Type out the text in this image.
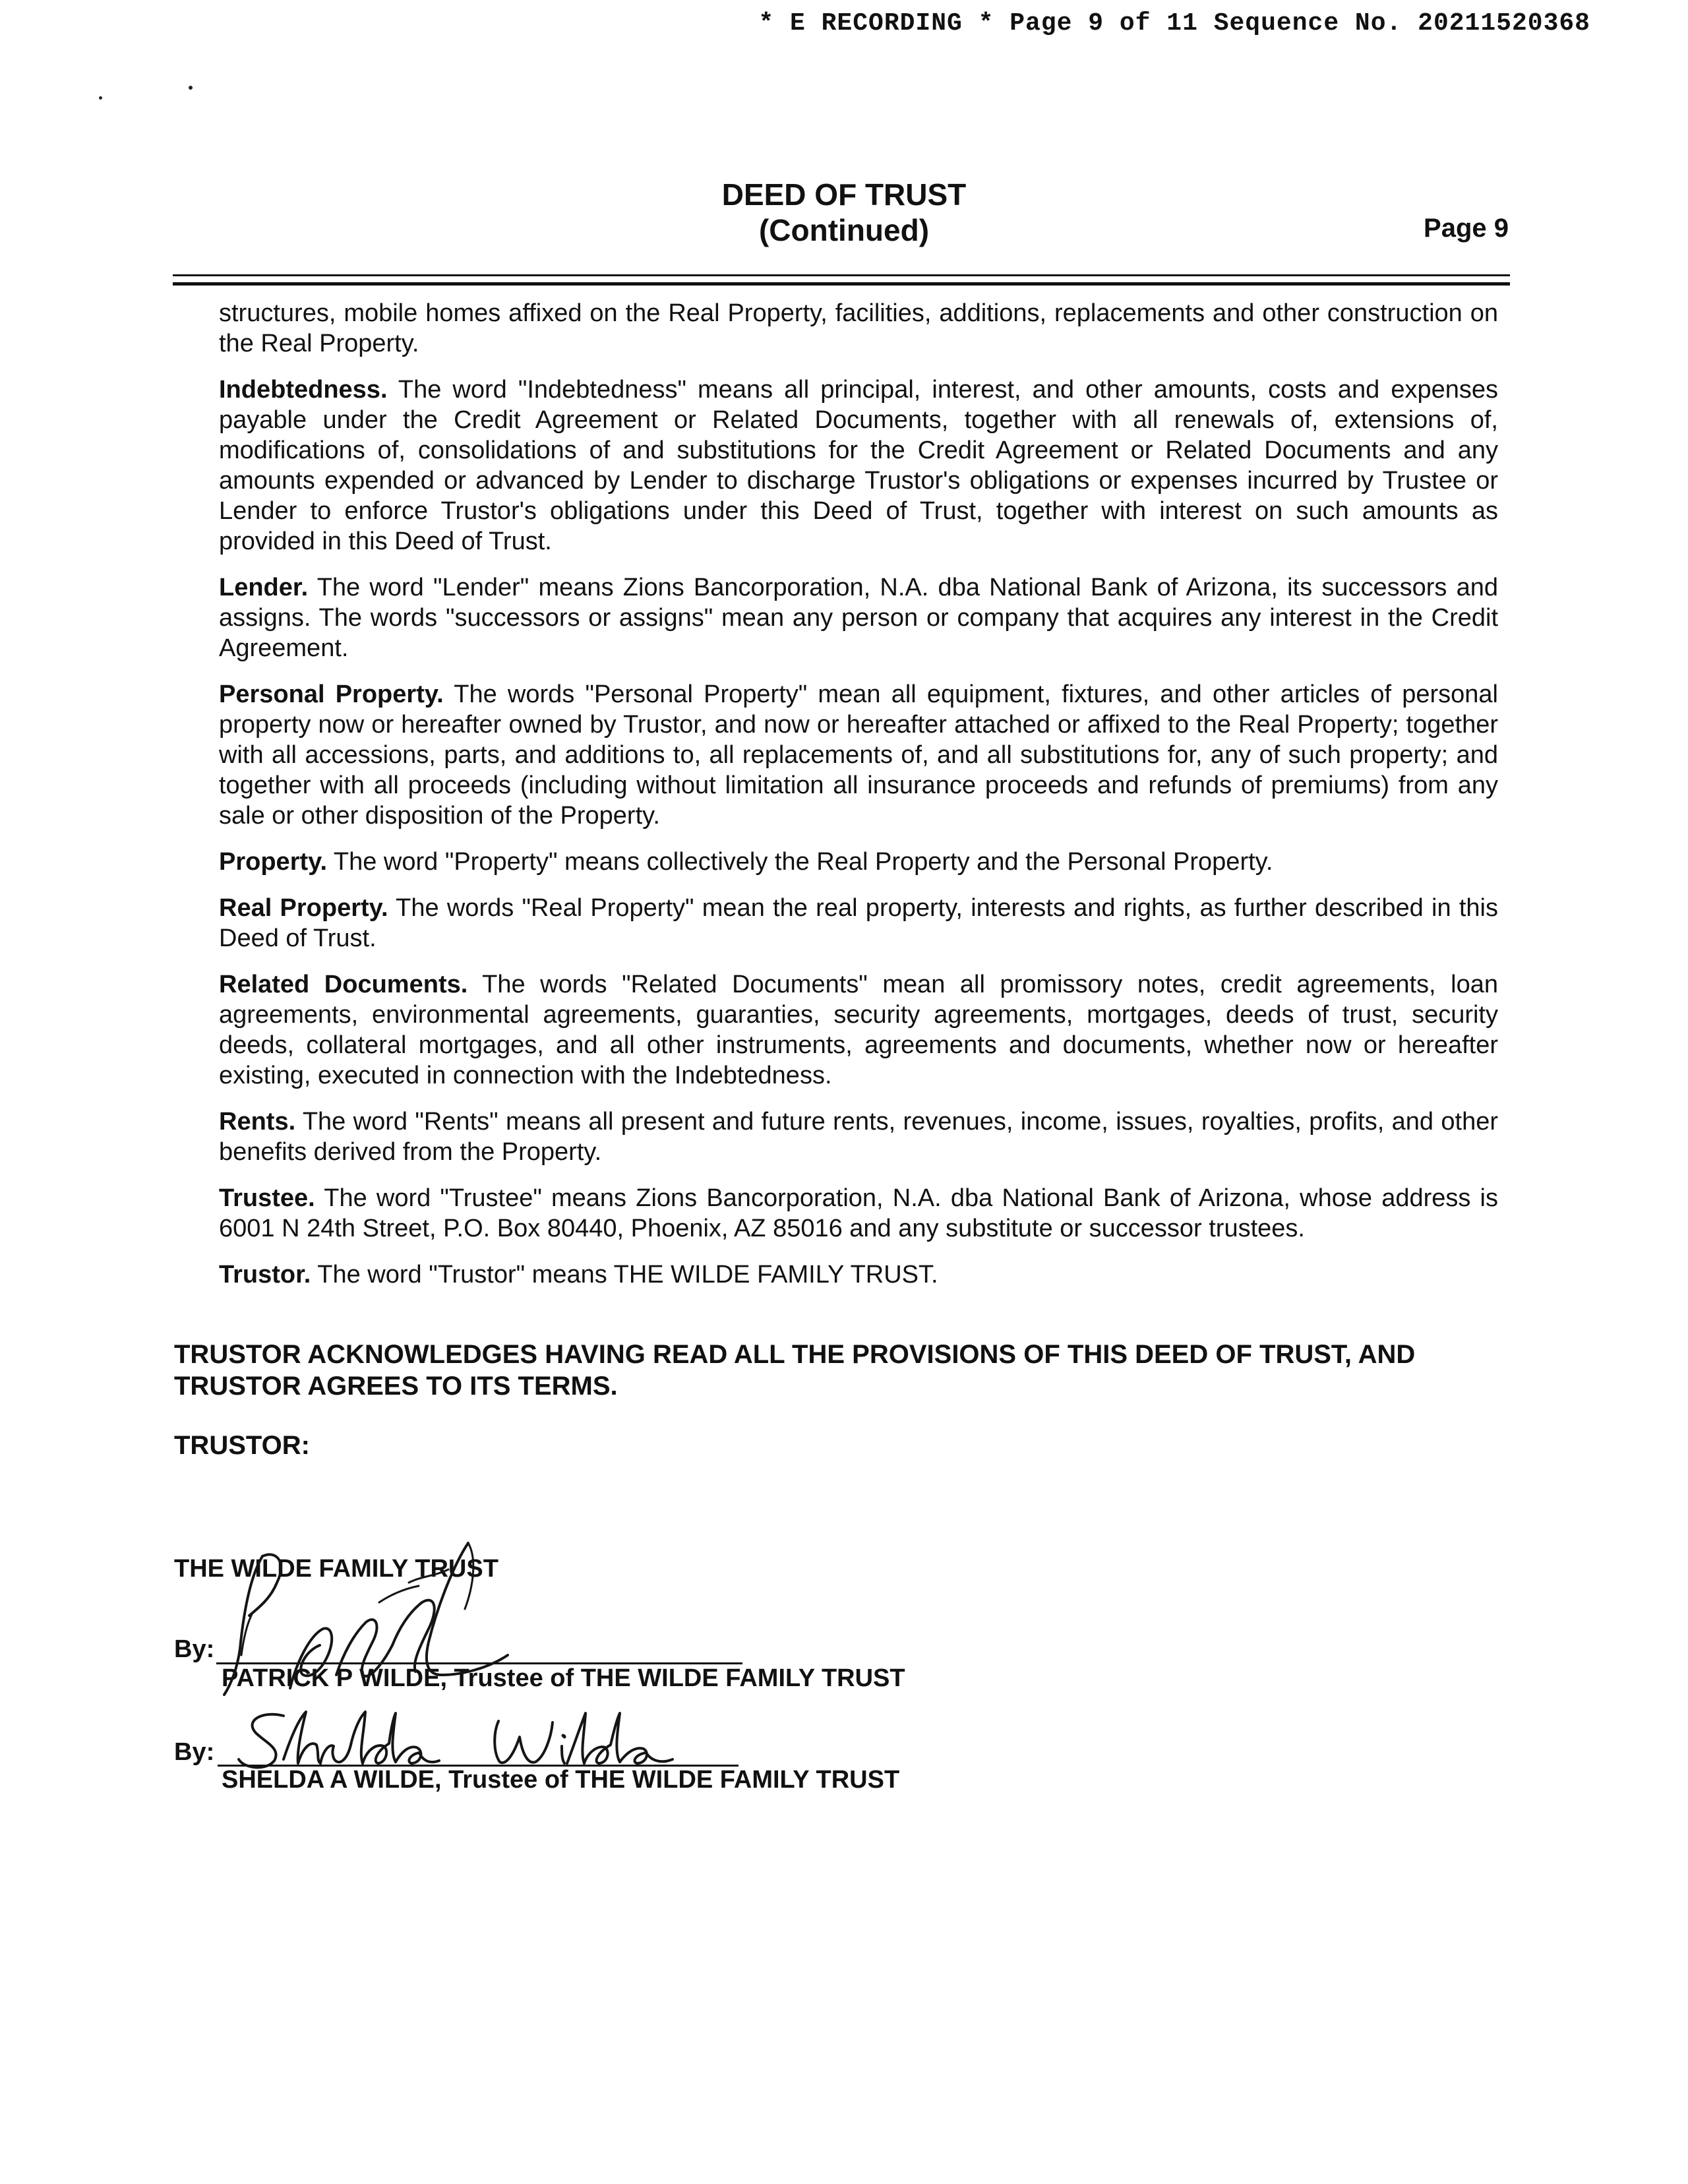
* E RECORDING * Page 9 of 11 Sequence No. 20211520368
DEED OF TRUST
(Continued)	Page 9

structures, mobile homes affixed on the Real Property, facilities, additions, replacements and other construction on the Real Property.

Indebtedness. The word "Indebtedness" means all principal, interest, and other amounts, costs and expenses payable under the Credit Agreement or Related Documents, together with all renewals of, extensions of, modifications of, consolidations of and substitutions for the Credit Agreement or Related Documents and any amounts expended or advanced by Lender to discharge Trustor's obligations or expenses incurred by Trustee or Lender to enforce Trustor's obligations under this Deed of Trust, together with interest on such amounts as provided in this Deed of Trust.

Lender. The word "Lender" means Zions Bancorporation, N.A. dba National Bank of Arizona, its successors and assigns. The words "successors or assigns" mean any person or company that acquires any interest in the Credit Agreement.

Personal Property. The words "Personal Property" mean all equipment, fixtures, and other articles of personal property now or hereafter owned by Trustor, and now or hereafter attached or affixed to the Real Property; together with all accessions, parts, and additions to, all replacements of, and all substitutions for, any of such property; and together with all proceeds (including without limitation all insurance proceeds and refunds of premiums) from any sale or other disposition of the Property.

Property. The word "Property" means collectively the Real Property and the Personal Property.

Real Property. The words "Real Property" mean the real property, interests and rights, as further described in this Deed of Trust.

Related Documents. The words "Related Documents" mean all promissory notes, credit agreements, loan agreements, environmental agreements, guaranties, security agreements, mortgages, deeds of trust, security deeds, collateral mortgages, and all other instruments, agreements and documents, whether now or hereafter existing, executed in connection with the Indebtedness.

Rents. The word "Rents" means all present and future rents, revenues, income, issues, royalties, profits, and other benefits derived from the Property.

Trustee. The word "Trustee" means Zions Bancorporation, N.A. dba National Bank of Arizona, whose address is 6001 N 24th Street, P.O. Box 80440, Phoenix, AZ 85016 and any substitute or successor trustees.

Trustor. The word "Trustor" means THE WILDE FAMILY TRUST.

TRUSTOR ACKNOWLEDGES HAVING READ ALL THE PROVISIONS OF THIS DEED OF TRUST, AND TRUSTOR AGREES TO ITS TERMS.
TRUSTOR:
THE WILDE FAMILY TRUST
By:
PATRICK P WILDE, Trustee of THE WILDE FAMILY TRUST
By:
SHELDA A WILDE, Trustee of THE WILDE FAMILY TRUST
